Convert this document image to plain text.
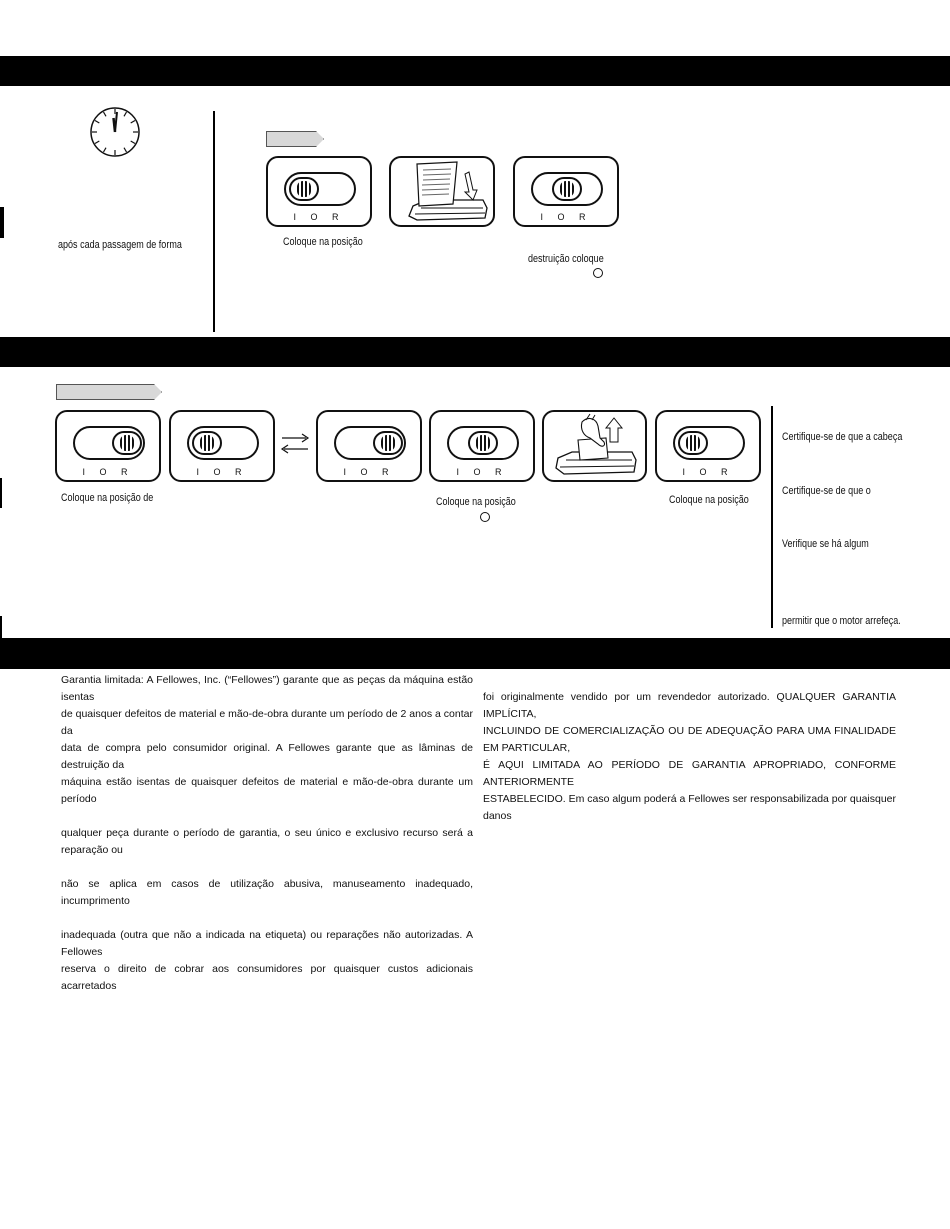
após cada passagem de forma
I O R	I O R
Coloque na posição
destruição coloque
I O R	I O R	I O R	I O R	I O R
Coloque na posição de	Coloque na posição	Coloque na posição
Certifique-se de que a cabeça
Certifique-se de que o
Verifique se há algum
permitir que o motor arrefeça.
Garantia limitada: A Fellowes, Inc. (“Fellowes”) garante que as peças da máquina estão isentas
de quaisquer defeitos de material e mão-de-obra durante um período de 2 anos a contar da
data de compra pelo consumidor original. A Fellowes garante que as lâminas de destruição da
máquina estão isentas de quaisquer defeitos de material e mão-de-obra durante um período
qualquer peça durante o período de garantia, o seu único e exclusivo recurso será a reparação ou
não se aplica em casos de utilização abusiva, manuseamento inadequado, incumprimento
inadequada (outra que não a indicada na etiqueta) ou reparações não autorizadas. A Fellowes
reserva o direito de cobrar aos consumidores por quaisquer custos adicionais acarretados
foi originalmente vendido por um revendedor autorizado. QUALQUER GARANTIA IMPLÍCITA,
INCLUINDO DE COMERCIALIZAÇÃO OU DE ADEQUAÇÃO PARA UMA FINALIDADE EM PARTICULAR,
É AQUI LIMITADA AO PERÍODO DE GARANTIA APROPRIADO, CONFORME ANTERIORMENTE
ESTABELECIDO. Em caso algum poderá a Fellowes ser responsabilizada por quaisquer danos
